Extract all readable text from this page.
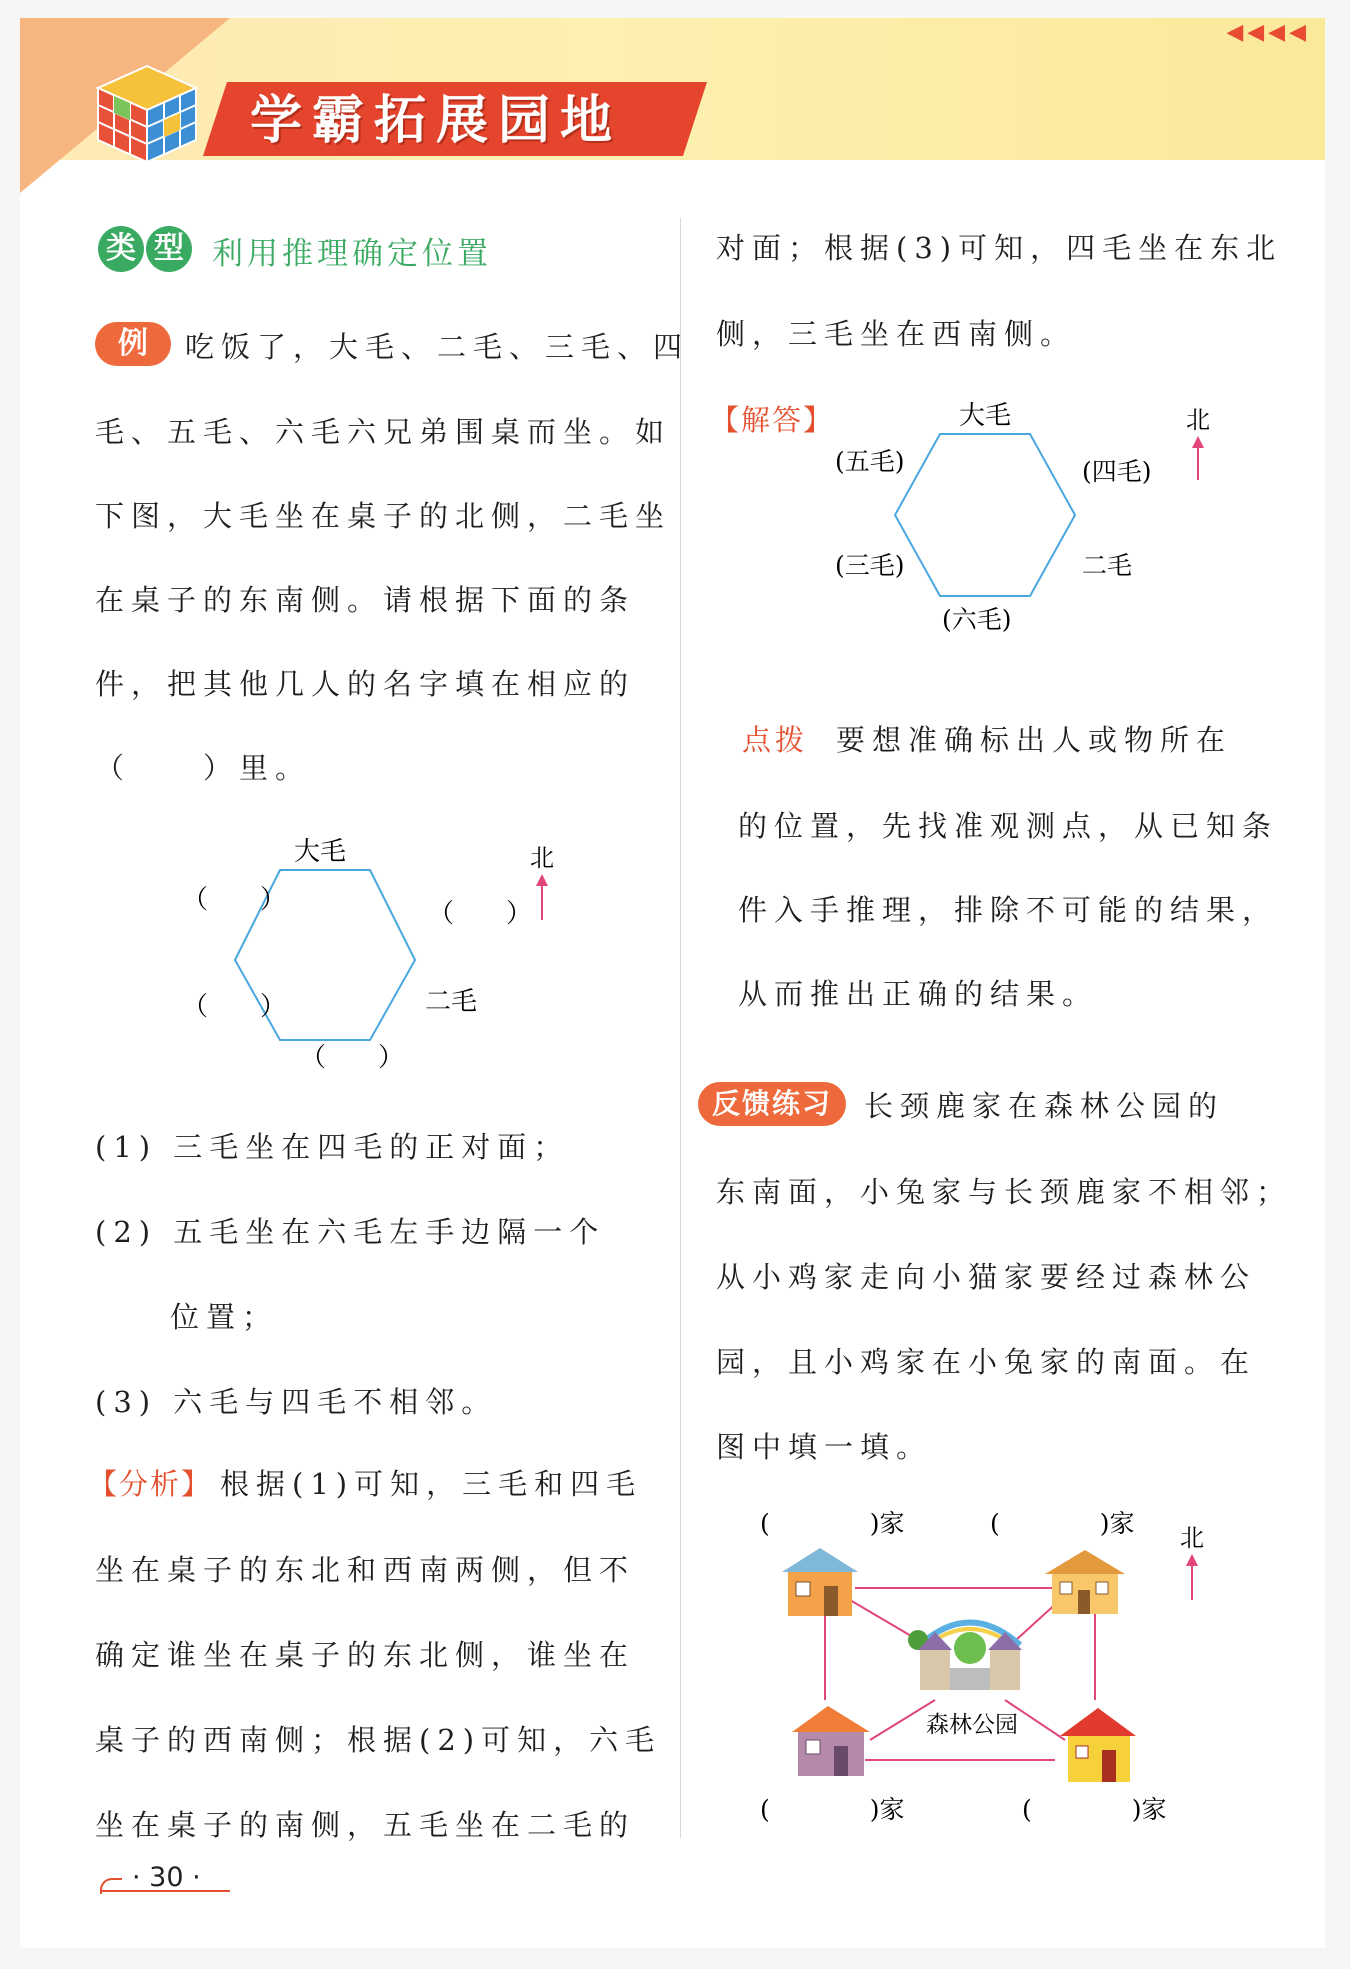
◀◀◀◀
学霸拓展园地
类 型 利用推理确定位置
例	吃饭了，大毛、二毛、三毛、四
毛、五毛、六毛六兄弟围桌而坐。如
下图，大毛坐在桌子的北侧，二毛坐
在桌子的东南侧。请根据下面的条
件，把其他几人的名字填在相应的
（　　）里。
大毛
（　　）	（　　）
（　　）	二毛
（　　）
北
(1) 三毛坐在四毛的正对面；
(2) 五毛坐在六毛左手边隔一个
位置；
(3) 六毛与四毛不相邻。
【分析】 根据(1)可知，三毛和四毛
坐在桌子的东北和西南两侧，但不
确定谁坐在桌子的东北侧，谁坐在
桌子的西南侧；根据(2)可知，六毛
坐在桌子的南侧，五毛坐在二毛的
对面；根据(3)可知，四毛坐在东北
侧，三毛坐在西南侧。
【解答】	大毛
(五毛)	(四毛)
(三毛)	二毛
(六毛)
北
点拨 要想准确标出人或物所在
的位置，先找准观测点，从已知条
件入手推理，排除不可能的结果，
从而推出正确的结果。
反馈练习	长颈鹿家在森林公园的
东南面，小兔家与长颈鹿家不相邻；
从小鸡家走向小猫家要经过森林公
园，且小鸡家在小兔家的南面。在
图中填一填。
森林公园
(　　　　)家	(　　　　)家
(　　　　)家	(　　　　)家
北
· 30 ·
